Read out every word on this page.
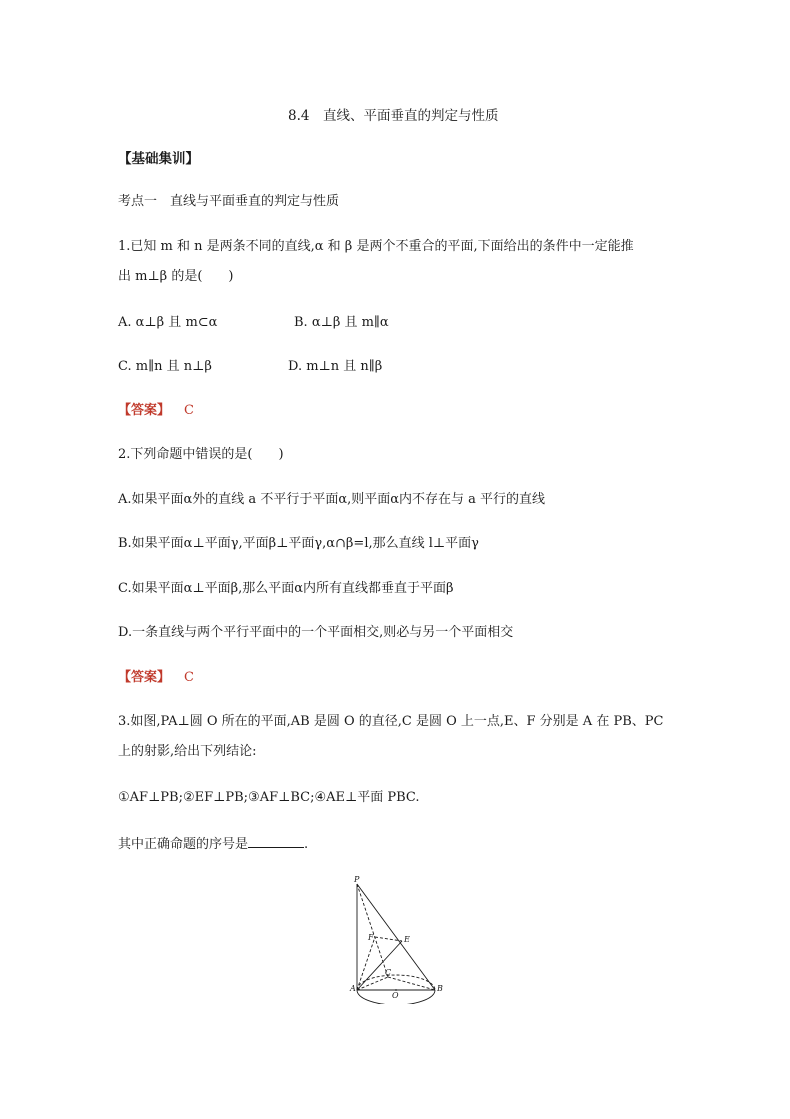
8.4　直线、平面垂直的判定与性质
【基础集训】
考点一　直线与平面垂直的判定与性质
1.已知 m 和 n 是两条不同的直线,α 和 β 是两个不重合的平面,下面给出的条件中一定能推
出 m⊥β 的是(　　)
A. α⊥β 且 m⊂α	B. α⊥β 且 m∥α
C. m∥n 且 n⊥β	D. m⊥n 且 n∥β
【答案】 C
2.下列命题中错误的是(　　)
A.如果平面α外的直线 a 不平行于平面α,则平面α内不存在与 a 平行的直线
B.如果平面α⊥平面γ,平面β⊥平面γ,α∩β=l,那么直线 l⊥平面γ
C.如果平面α⊥平面β,那么平面α内所有直线都垂直于平面β
D.一条直线与两个平行平面中的一个平面相交,则必与另一个平面相交
【答案】 C
3.如图,PA⊥圆 O 所在的平面,AB 是圆 O 的直径,C 是圆 O 上一点,E、F 分别是 A 在 PB、PC
上的射影,给出下列结论:
①AF⊥PB;②EF⊥PB;③AF⊥BC;④AE⊥平面 PBC.
其中正确命题的序号是	.
P
F	E
C
A
O
B
